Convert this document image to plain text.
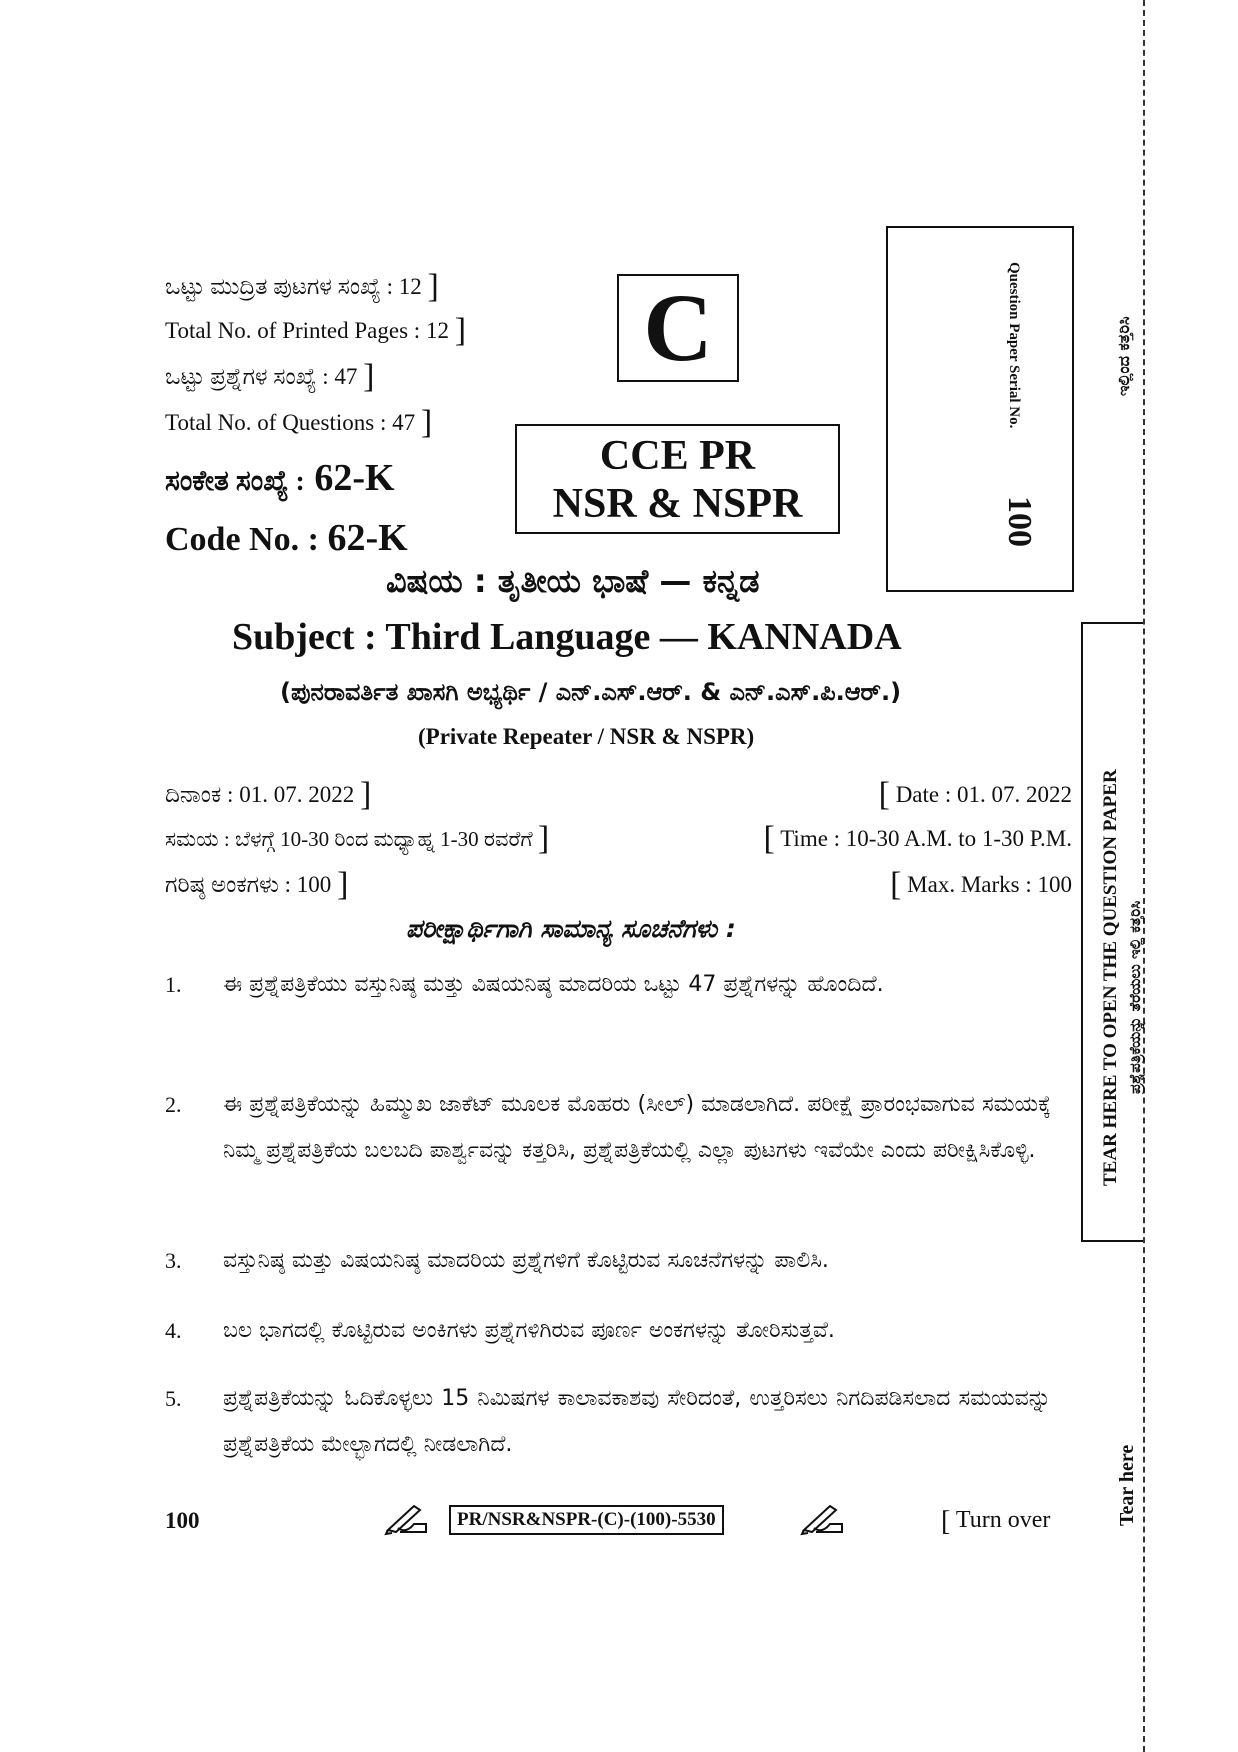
ಒಟ್ಟು ಮುದ್ರಿತ ಪುಟಗಳ ಸಂಖ್ಯೆ : 12 ]
Total No. of Printed Pages : 12 ]
ಒಟ್ಟು ಪ್ರಶ್ನೆಗಳ ಸಂಖ್ಯೆ : 47 ]
Total No. of Questions : 47 ]
ಸಂಕೇತ ಸಂಖ್ಯೆ : 62-K
Code No. : 62-K
C
CCE PR
NSR & NSPR
Question Paper Serial No.
100
ವಿಷಯ : ತೃತೀಯ ಭಾಷೆ — ಕನ್ನಡ
Subject : Third Language — KANNADA
(ಪುನರಾವರ್ತಿತ ಖಾಸಗಿ ಅಭ್ಯರ್ಥಿ / ಎನ್.ಎಸ್.ಆರ್. & ಎನ್.ಎಸ್.ಪಿ.ಆರ್.)
(Private Repeater / NSR & NSPR)
ದಿನಾಂಕ : 01. 07. 2022 ]	[ Date : 01. 07. 2022
ಸಮಯ : ಬೆಳಗ್ಗೆ 10-30 ರಿಂದ ಮಧ್ಯಾಹ್ನ 1-30 ರವರೆಗೆ ]	[ Time : 10-30 A.M. to 1-30 P.M.
ಗರಿಷ್ಠ ಅಂಕಗಳು : 100 ]	[ Max. Marks : 100
ಪರೀಕ್ಷಾರ್ಥಿಗಾಗಿ ಸಾಮಾನ್ಯ ಸೂಚನೆಗಳು :
1. ಈ ಪ್ರಶ್ನೆಪತ್ರಿಕೆಯು ವಸ್ತುನಿಷ್ಠ ಮತ್ತು ವಿಷಯನಿಷ್ಠ ಮಾದರಿಯ ಒಟ್ಟು 47 ಪ್ರಶ್ನೆಗಳನ್ನು ಹೊಂದಿದೆ.
2. ಈ ಪ್ರಶ್ನೆಪತ್ರಿಕೆಯನ್ನು ಹಿಮ್ಮುಖ ಜಾಕೆಟ್ ಮೂಲಕ ಮೊಹರು (ಸೀಲ್) ಮಾಡಲಾಗಿದೆ. ಪರೀಕ್ಷೆ ಪ್ರಾರಂಭವಾಗುವ ಸಮಯಕ್ಕೆ ನಿಮ್ಮ ಪ್ರಶ್ನೆಪತ್ರಿಕೆಯ ಬಲಬದಿ ಪಾರ್ಶ್ವವನ್ನು ಕತ್ತರಿಸಿ, ಪ್ರಶ್ನೆಪತ್ರಿಕೆಯಲ್ಲಿ ಎಲ್ಲಾ ಪುಟಗಳು ಇವೆಯೇ ಎಂದು ಪರೀಕ್ಷಿಸಿಕೊಳ್ಳಿ.
3. ವಸ್ತುನಿಷ್ಠ ಮತ್ತು ವಿಷಯನಿಷ್ಠ ಮಾದರಿಯ ಪ್ರಶ್ನೆಗಳಿಗೆ ಕೊಟ್ಟಿರುವ ಸೂಚನೆಗಳನ್ನು ಪಾಲಿಸಿ.
4. ಬಲ ಭಾಗದಲ್ಲಿ ಕೊಟ್ಟಿರುವ ಅಂಕಿಗಳು ಪ್ರಶ್ನೆಗಳಿಗಿರುವ ಪೂರ್ಣ ಅಂಕಗಳನ್ನು ತೋರಿಸುತ್ತವೆ.
5. ಪ್ರಶ್ನೆಪತ್ರಿಕೆಯನ್ನು ಓದಿಕೊಳ್ಳಲು 15 ನಿಮಿಷಗಳ ಕಾಲಾವಕಾಶವು ಸೇರಿದಂತೆ, ಉತ್ತರಿಸಲು ನಿಗದಿಪಡಿಸಲಾದ ಸಮಯವನ್ನು ಪ್ರಶ್ನೆಪತ್ರಿಕೆಯ ಮೇಲ್ಭಾಗದಲ್ಲಿ ನೀಡಲಾಗಿದೆ.
100	PR/NSR&NSPR-(C)-(100)-5530	[ Turn over
ಇಲ್ಲಿಂದ ಕತ್ತರಿಸಿ
TEAR HERE TO OPEN THE QUESTION PAPER ಪ್ರಶ್ನೆಪತ್ರಿಕೆಯನ್ನು ತೆರೆಯಲು ಇಲ್ಲಿ ಕತ್ತರಿಸಿ
Tear here
